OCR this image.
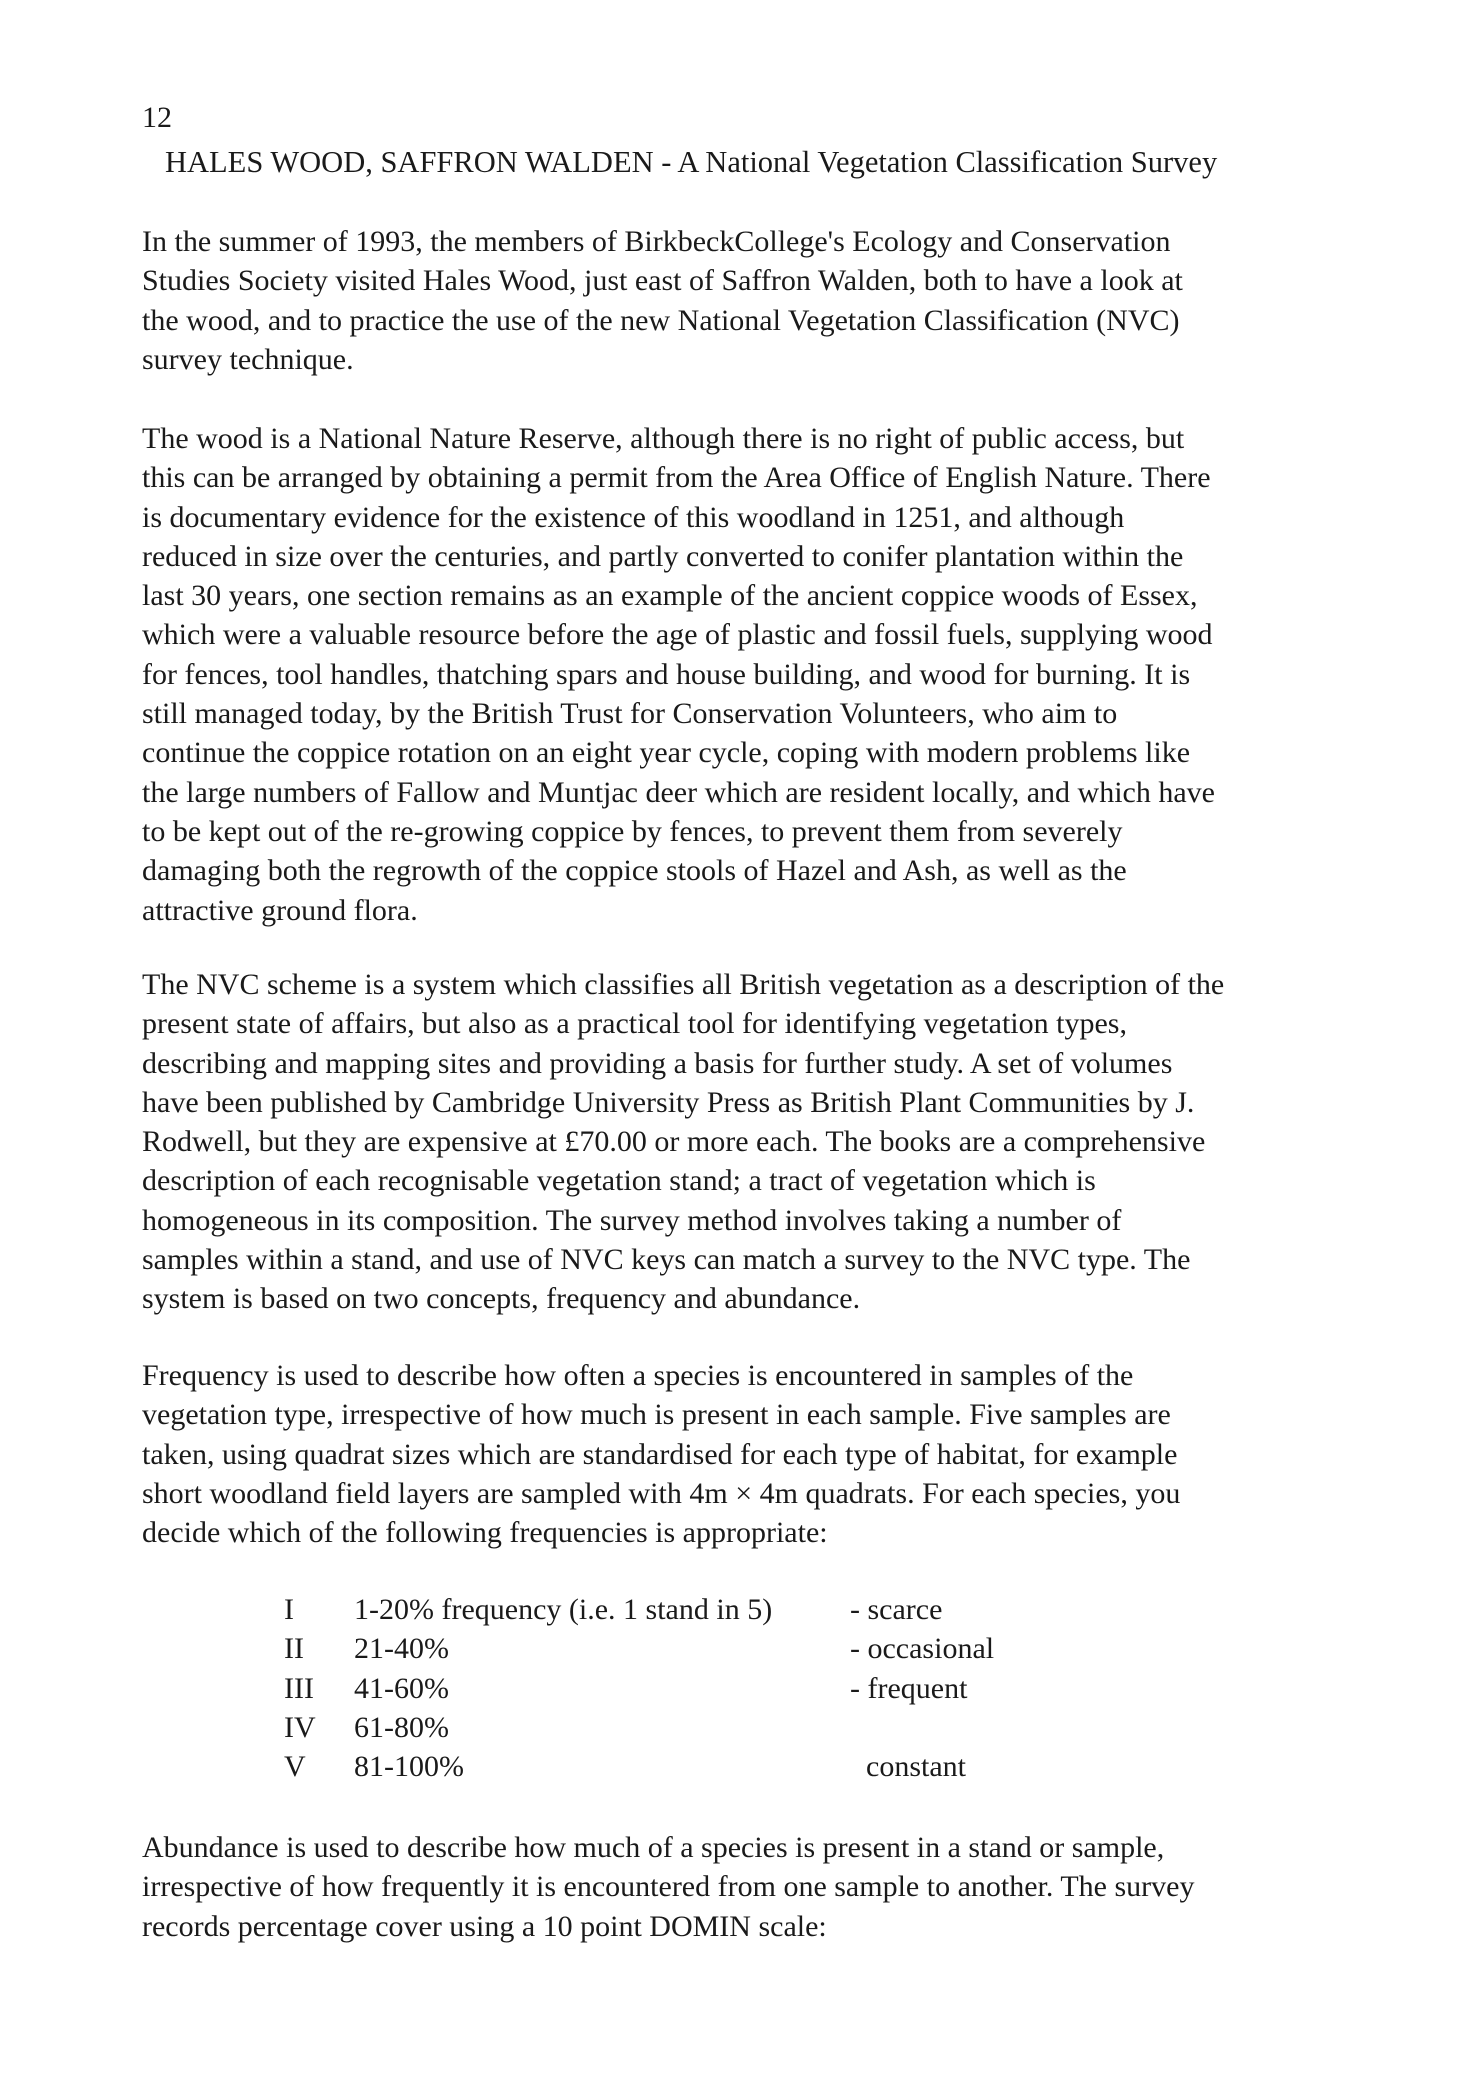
12
HALES WOOD, SAFFRON WALDEN - A National Vegetation Classification Survey

In the summer of 1993, the members of BirkbeckCollege's Ecology and Conservation
Studies Society visited Hales Wood, just east of Saffron Walden, both to have a look at
the wood, and to practice the use of the new National Vegetation Classification (NVC)
survey technique.

The wood is a National Nature Reserve, although there is no right of public access, but
this can be arranged by obtaining a permit from the Area Office of English Nature. There
is documentary evidence for the existence of this woodland in 1251, and although
reduced in size over the centuries, and partly converted to conifer plantation within the
last 30 years, one section remains as an example of the ancient coppice woods of Essex,
which were a valuable resource before the age of plastic and fossil fuels, supplying wood
for fences, tool handles, thatching spars and house building, and wood for burning. It is
still managed today, by the British Trust for Conservation Volunteers, who aim to
continue the coppice rotation on an eight year cycle, coping with modern problems like
the large numbers of Fallow and Muntjac deer which are resident locally, and which have
to be kept out of the re-growing coppice by fences, to prevent them from severely
damaging both the regrowth of the coppice stools of Hazel and Ash, as well as the
attractive ground flora.

The NVC scheme is a system which classifies all British vegetation as a description of the
present state of affairs, but also as a practical tool for identifying vegetation types,
describing and mapping sites and providing a basis for further study. A set of volumes
have been published by Cambridge University Press as British Plant Communities by J.
Rodwell, but they are expensive at £70.00 or more each. The books are a comprehensive
description of each recognisable vegetation stand; a tract of vegetation which is
homogeneous in its composition. The survey method involves taking a number of
samples within a stand, and use of NVC keys can match a survey to the NVC type. The
system is based on two concepts, frequency and abundance.

Frequency is used to describe how often a species is encountered in samples of the
vegetation type, irrespective of how much is present in each sample. Five samples are
taken, using quadrat sizes which are standardised for each type of habitat, for example
short woodland field layers are sampled with 4m × 4m quadrats. For each species, you
decide which of the following frequencies is appropriate:

I 1-20% frequency (i.e. 1 stand in 5)	- scarce
II 21-40%	- occasional
III 41-60%	- frequent
IV 61-80%
V 81-100%	constant

Abundance is used to describe how much of a species is present in a stand or sample,
irrespective of how frequently it is encountered from one sample to another. The survey
records percentage cover using a 10 point DOMIN scale:
